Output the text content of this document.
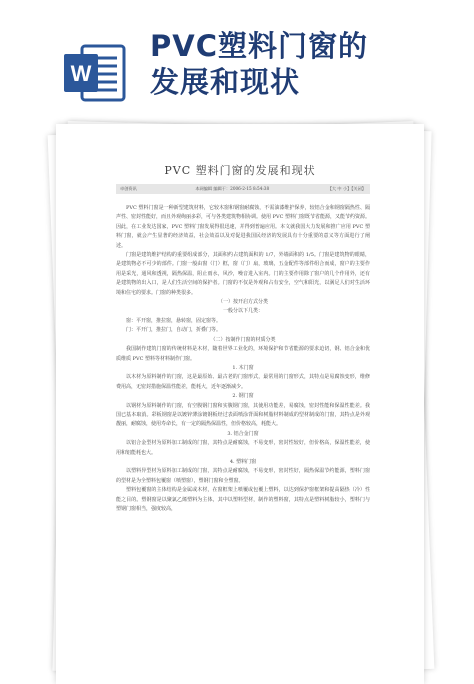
W
PVC塑料门窗的
发展和现状
PVC 塑料门窗的发展和现状
卓创资讯	本网编辑 编辑于：2006-2-15 8:54:38	【大 中 小】【关闭】

PVC 塑料门窗是一种新型建筑材料，它较木窗和钢窗耐腐蚀，不需油漆维护保养，较铝合金和钢窗隔热性、隔声性、密封性能好，而且外观绚丽多彩，可与各类建筑物相协调。使用 PVC 塑料门窗既节省能源，又能节约资源。因此，在工业发达国家，PVC 塑料门窗发展得很迅速，并得到普遍应用。本文就我国大力发展和推广应用 PVC 塑料门窗，就会产生显著的经济效益，社会效益以及对促进我国民经济的发展具有十分重要的意义等方面进行了阐述。

门窗是建筑维护结构的重要组成部分，其面积约占建筑面积的 1/7，外墙面积的 1/5。门窗是建筑物的眼睛，是建筑物必不可少的部件。门窗一般由窗（门）框，窗（门）扇，玻璃，五金配件等部件组合而成，窗户的主要作用是采光，通风和透视，隔热保温，阻止雨水，风沙，噪音进入室内。门的主要作用除了窗户的几个作用外，还有是建筑物的出入口，是人们生活空间的保护者。门窗的不仅是外观和占有安全，空气和阳光，以满足人们对生活环境和住宅的要求。门窗的种类很多。

（一）按开启方式分类

一般分以下几类：

窗：平开窗，推拉窗，悬转窗，固定窗等。

门：平开门，推拉门，自动门，折叠门等。

（二）按制作门窗的材质分类

我国制作建筑门窗的传统材料是木材，随着世界工业化的，环境保护和节省能源的要求迫切，钢、铝合金和优质维质 PVC 塑料等材料制作门窗。

1. 木门窗

以木材为原料制作的门窗，这是最原始、最古老的门窗形式，最常用的门窗形式，其特点是易腐蚀变形，维修费用高，无密封措施保温性能差，能耗大，近年逐渐减少。

2. 钢门窗

以钢材为原料制作的门窗，有空腹钢门窗和实腹钢门窗，其使用功能差，易腐蚀，密封性能和保温性能差。我国已基本取消。彩板钢窗是以镀锌薄涂镀钢板经过表面喷涂背面和树脂材料制成的型材制成的门窗，其特点是外观靓丽，耐腐蚀，使用寿命长，有一定的隔热保温性，但价格较高，耗能大。

3. 铝合金门窗

以铝合金型材为原料加工制成的门窗，其特点是耐腐蚀，不易变形，密封性较好，但价格高，保温性能差，使用和铝能耗也大。

4. 塑料门窗

以塑料异型材为原料加工制成的门窗，其特点是耐腐蚀，不易变形，密封性好，隔热保温节约能源，塑料门窗的型材是为全塑料包覆窗（喷塑窗），塑钢门窗和全塑窗。

塑料包覆窗的主体结构是金属或木材，在窗框架上喷覆或包覆上塑料，以达到保护窗框架和提高隔热（冷）性能之目的。塑钢窗是以聚氯乙烯塑料为主体，其中以塑料型材，制作的塑料窗，其特点是塑料树脂较小，塑料门与塑钢门窗相当，强度较高，
